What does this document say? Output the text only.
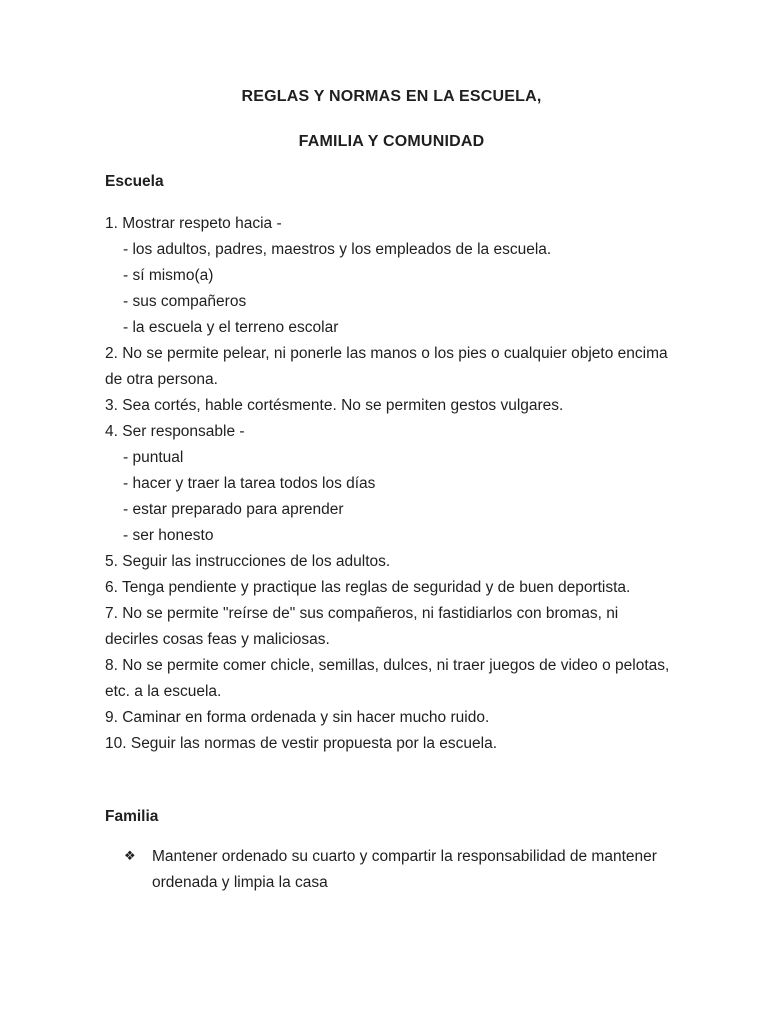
REGLAS Y NORMAS EN LA ESCUELA,
FAMILIA Y COMUNIDAD
Escuela
1. Mostrar respeto hacia -
- los adultos, padres, maestros y los empleados de la escuela.
- sí mismo(a)
- sus compañeros
- la escuela y el terreno escolar
2. No se permite pelear, ni ponerle las manos o los pies o cualquier objeto encima
de otra persona.
3. Sea cortés, hable cortésmente. No se permiten gestos vulgares.
4. Ser responsable -
- puntual
- hacer y traer la tarea todos los días
- estar preparado para aprender
- ser honesto
5. Seguir las instrucciones de los adultos.
6. Tenga pendiente y practique las reglas de seguridad y de buen deportista.
7. No se permite "reírse de" sus compañeros, ni fastidiarlos con bromas, ni
decirles cosas feas y maliciosas.
8. No se permite comer chicle, semillas, dulces, ni traer juegos de video o pelotas,
etc. a la escuela.
9. Caminar en forma ordenada y sin hacer mucho ruido.
10. Seguir las normas de vestir propuesta por la escuela.
Familia
❖ Mantener ordenado su cuarto y compartir la responsabilidad de mantener
ordenada y limpia la casa
